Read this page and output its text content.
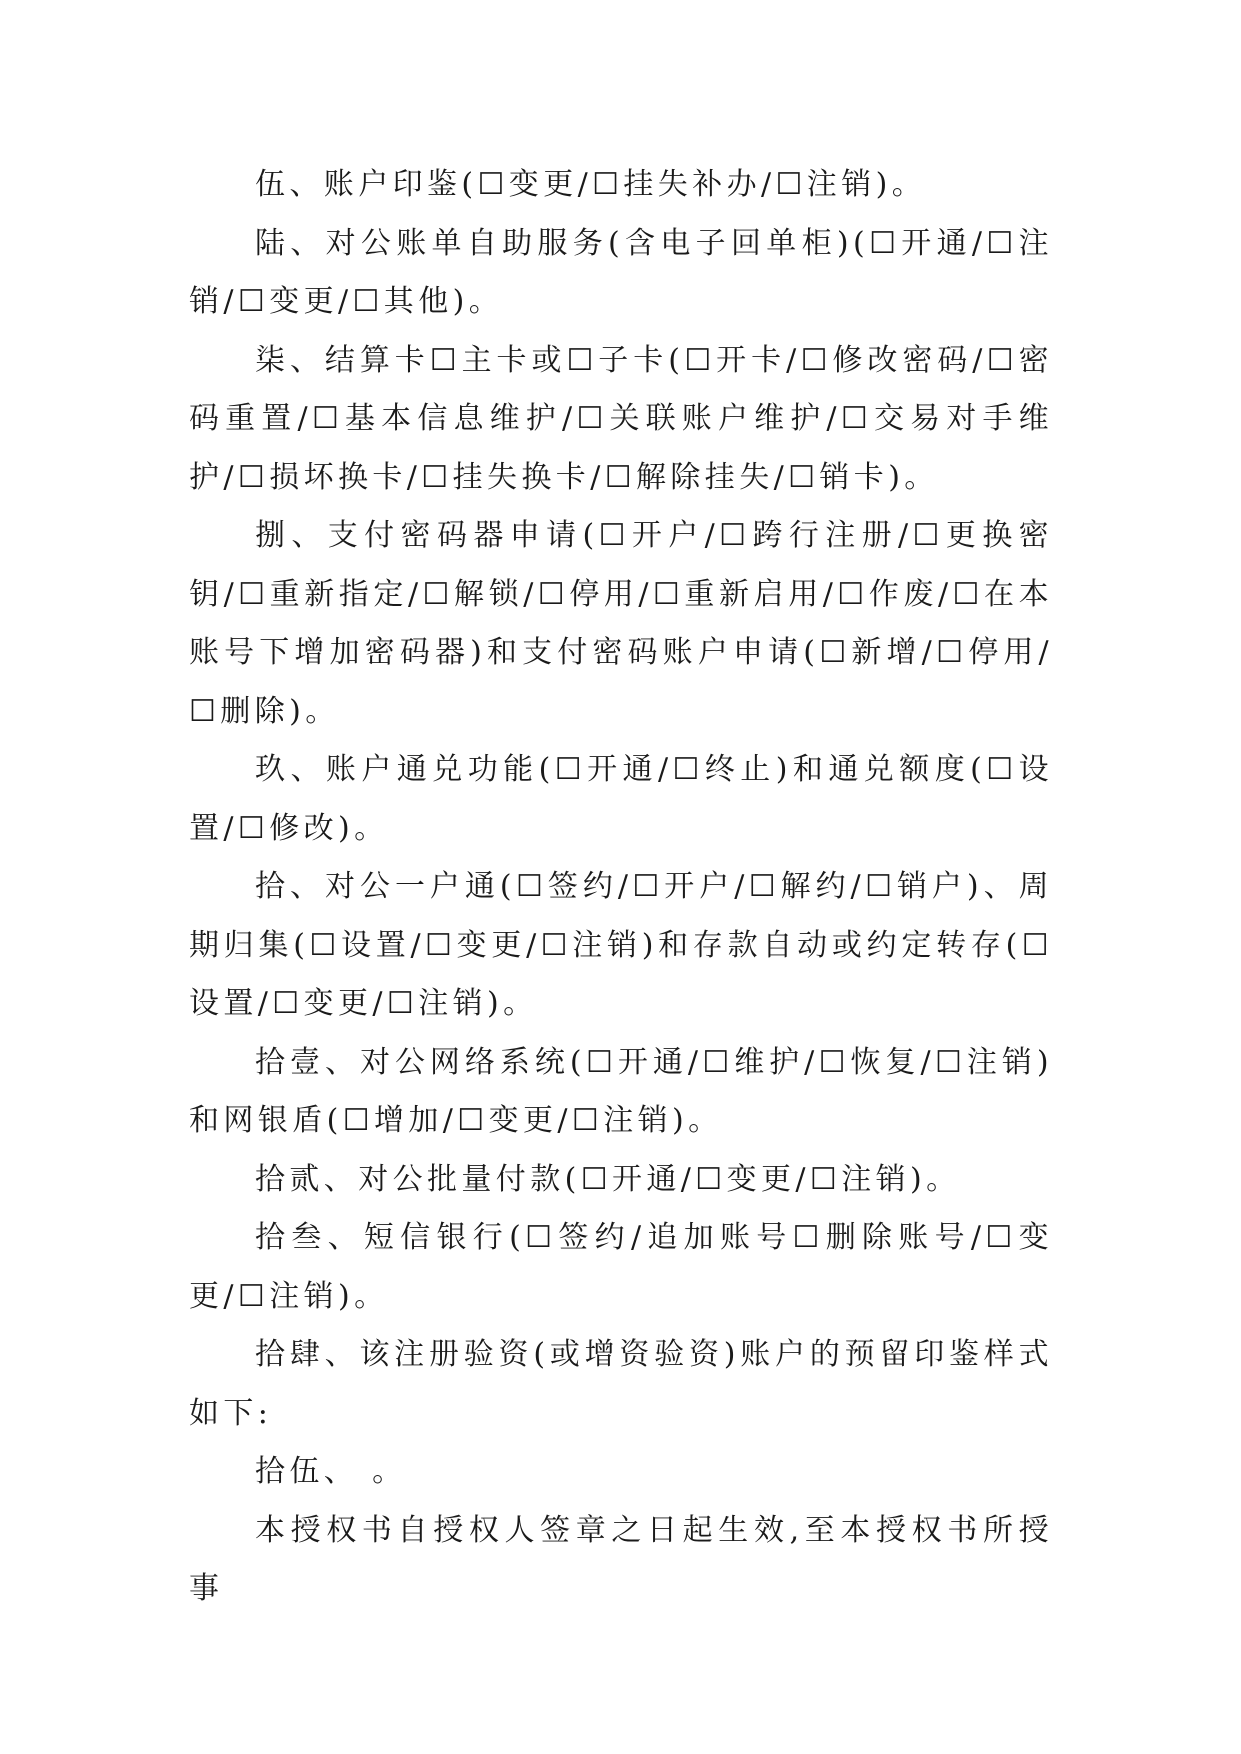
伍、账户印鉴(☐变更/☐挂失补办/☐注销)。

陆、对公账单自助服务(含电子回单柜)(☐开通/☐注销/☐变更/☐其他)。

柒、结算卡☐主卡或☐子卡(☐开卡/☐修改密码/☐密码重置/☐基本信息维护/☐关联账户维护/☐交易对手维护/☐损坏换卡/☐挂失换卡/☐解除挂失/☐销卡)。

捌、支付密码器申请(☐开户/☐跨行注册/☐更换密钥/☐重新指定/☐解锁/☐停用/☐重新启用/☐作废/☐在本账号下增加密码器)和支付密码账户申请(☐新增/☐停用/☐删除)。

玖、账户通兑功能(☐开通/☐终止)和通兑额度(☐设置/☐修改)。

拾、对公一户通(☐签约/☐开户/☐解约/☐销户)、周期归集(☐设置/☐变更/☐注销)和存款自动或约定转存(☐设置/☐变更/☐注销)。

拾壹、对公网络系统(☐开通/☐维护/☐恢复/☐注销)和网银盾(☐增加/☐变更/☐注销)。

拾贰、对公批量付款(☐开通/☐变更/☐注销)。

拾叁、短信银行(☐签约/追加账号☐删除账号/☐变更/☐注销)。

拾肆、该注册验资(或增资验资)账户的预留印鉴样式如下:

拾伍、 。

本授权书自授权人签章之日起生效,至本授权书所授事
